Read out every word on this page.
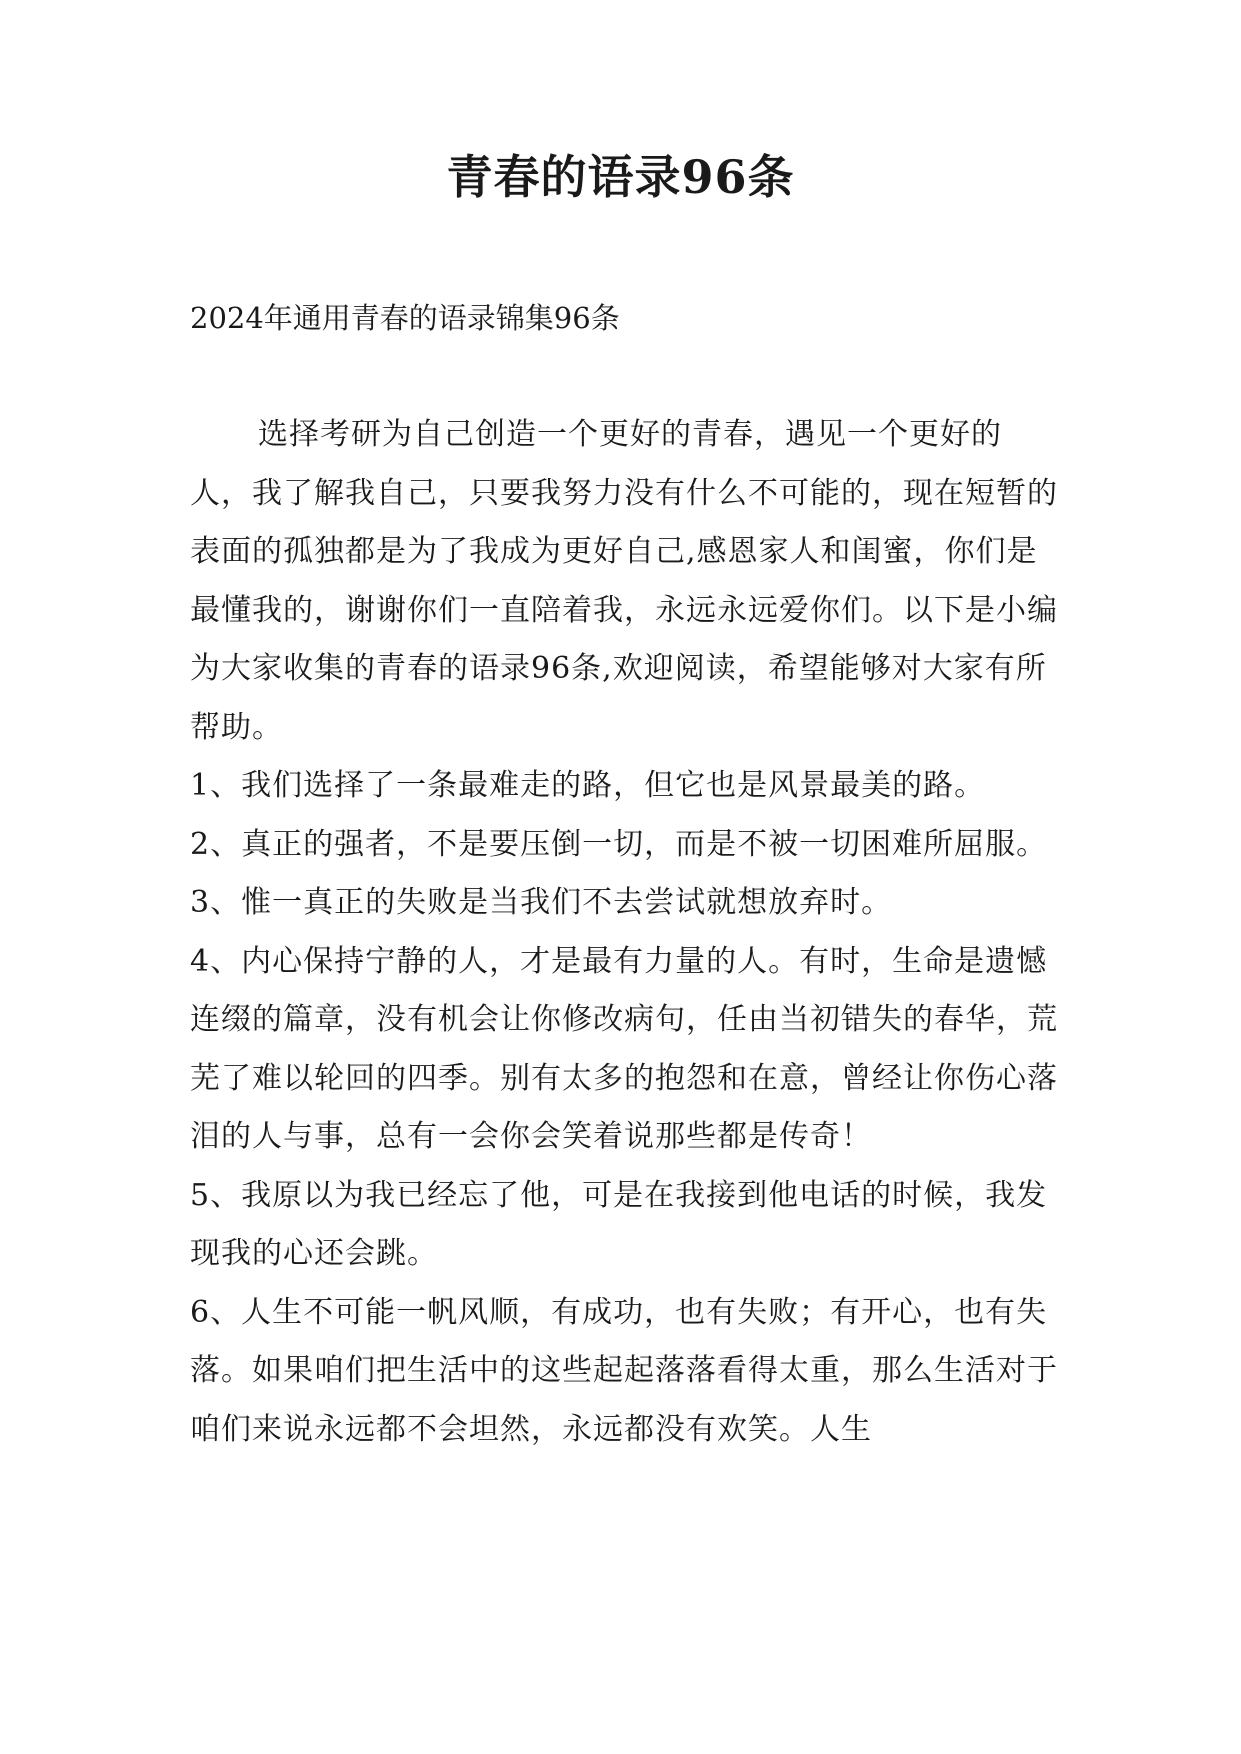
青春的语录96条
2024年通用青春的语录锦集96条

选择考研为自己创造一个更好的青春，遇见一个更好的人，我了解我自己，只要我努力没有什么不可能的，现在短暂的表面的孤独都是为了我成为更好自己,感恩家人和闺蜜，你们是最懂我的，谢谢你们一直陪着我，永远永远爱你们。以下是小编为大家收集的青春的语录96条,欢迎阅读，希望能够对大家有所帮助。

1、我们选择了一条最难走的路，但它也是风景最美的路。

2、真正的强者，不是要压倒一切，而是不被一切困难所屈服。

3、惟一真正的失败是当我们不去尝试就想放弃时。

4、内心保持宁静的人，才是最有力量的人。有时，生命是遗憾连缀的篇章，没有机会让你修改病句，任由当初错失的春华，荒芜了难以轮回的四季。别有太多的抱怨和在意，曾经让你伤心落泪的人与事，总有一会你会笑着说那些都是传奇！

5、我原以为我已经忘了他，可是在我接到他电话的时候，我发现我的心还会跳。

6、人生不可能一帆风顺，有成功，也有失败；有开心，也有失落。如果咱们把生活中的这些起起落落看得太重，那么生活对于咱们来说永远都不会坦然，永远都没有欢笑。人生
